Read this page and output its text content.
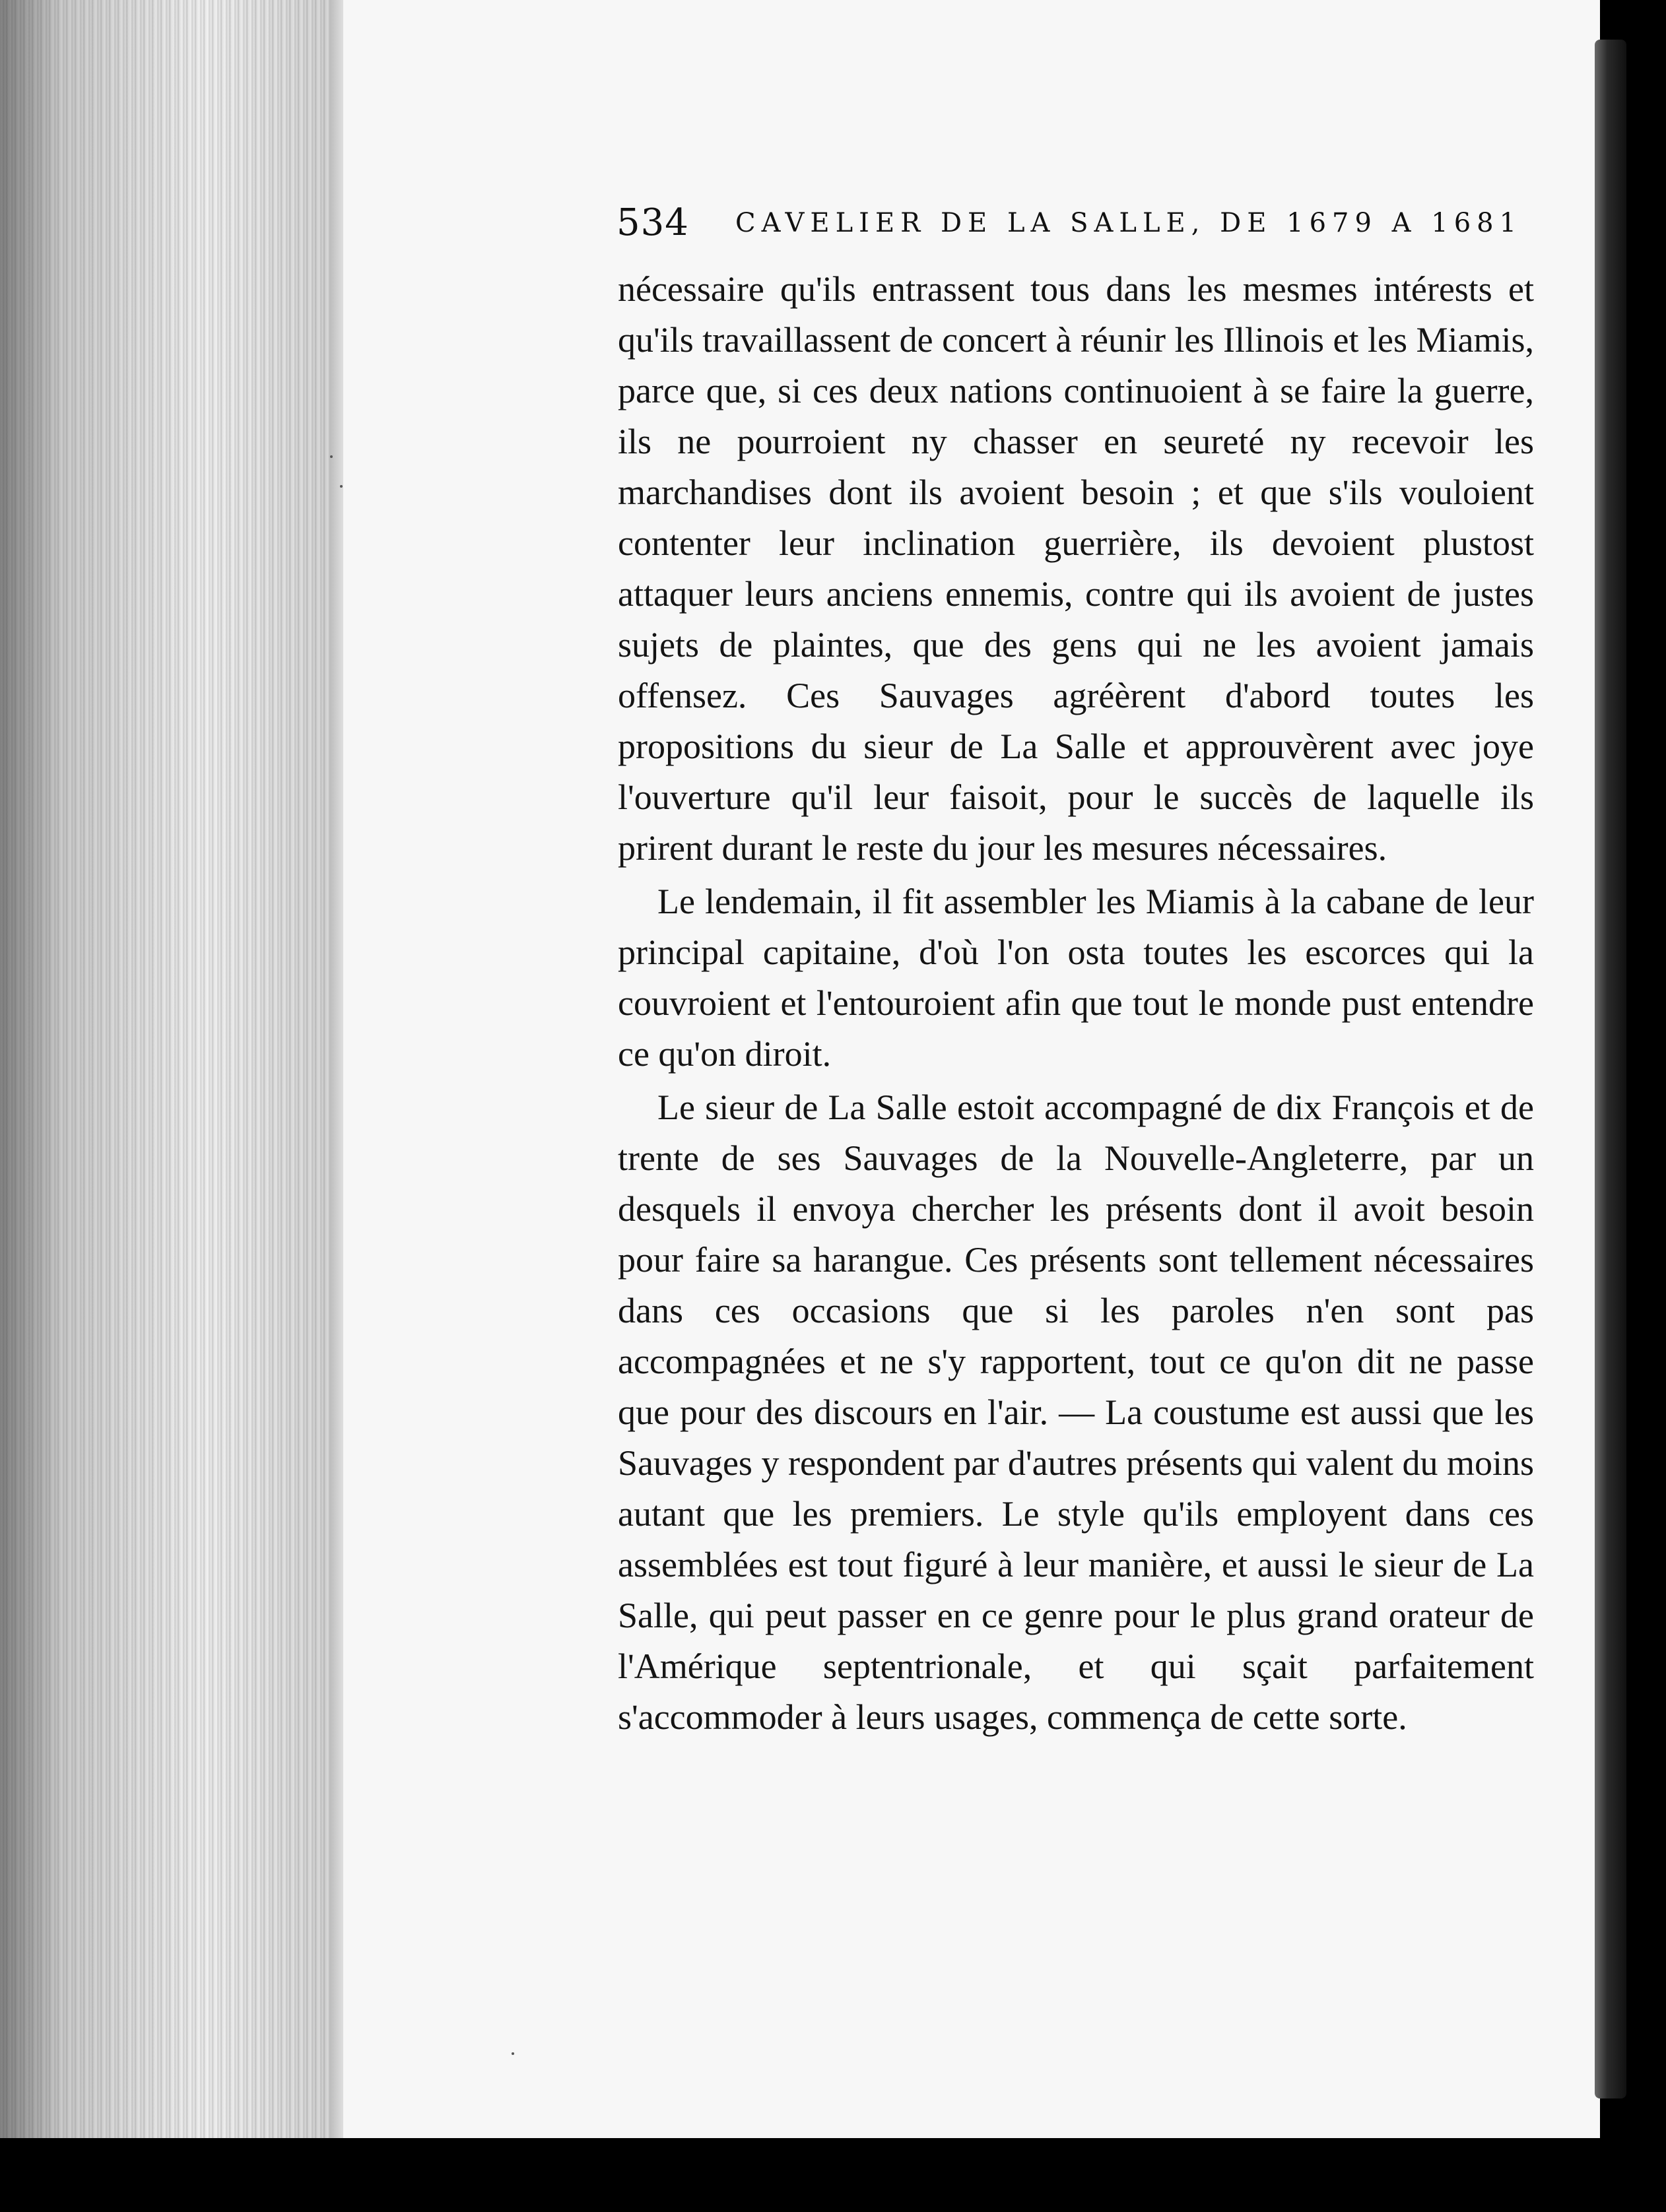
534 CAVELIER DE LA SALLE, DE 1679 A 1681

nécessaire qu'ils entrassent tous dans les mesmes intérests et qu'ils travaillassent de concert à réunir les Illinois et les Miamis, parce que, si ces deux nations continuoient à se faire la guerre, ils ne pourroient ny chasser en seureté ny recevoir les marchandises dont ils avoient besoin ; et que s'ils vouloient contenter leur inclination guerrière, ils devoient plustost attaquer leurs anciens ennemis, contre qui ils avoient de justes sujets de plaintes, que des gens qui ne les avoient jamais offensez. Ces Sauvages agréèrent d'abord toutes les propositions du sieur de La Salle et approuvèrent avec joye l'ouverture qu'il leur faisoit, pour le succès de laquelle ils prirent durant le reste du jour les mesures nécessaires.

Le lendemain, il fit assembler les Miamis à la cabane de leur principal capitaine, d'où l'on osta toutes les escorces qui la couvroient et l'entouroient afin que tout le monde pust entendre ce qu'on diroit.

Le sieur de La Salle estoit accompagné de dix François et de trente de ses Sauvages de la Nouvelle-Angleterre, par un desquels il envoya chercher les présents dont il avoit besoin pour faire sa harangue. Ces présents sont tellement nécessaires dans ces occasions que si les paroles n'en sont pas accompagnées et ne s'y rapportent, tout ce qu'on dit ne passe que pour des discours en l'air. — La coustume est aussi que les Sauvages y respondent par d'autres présents qui valent du moins autant que les premiers. Le style qu'ils employent dans ces assemblées est tout figuré à leur manière, et aussi le sieur de La Salle, qui peut passer en ce genre pour le plus grand orateur de l'Amérique septentrionale, et qui sçait parfaitement s'accommoder à leurs usages, commença de cette sorte.
